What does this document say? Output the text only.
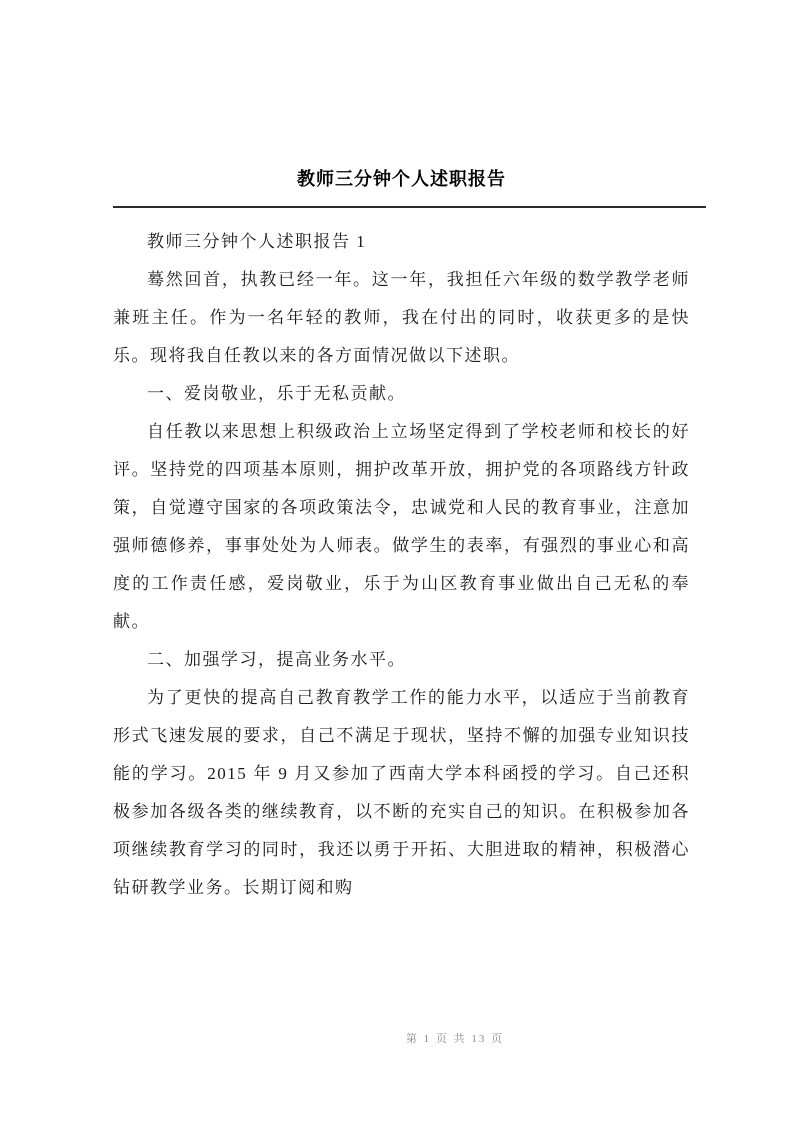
教师三分钟个人述职报告

教师三分钟个人述职报告 1

蓦然回首，执教已经一年。这一年，我担任六年级的数学教学老师兼班主任。作为一名年轻的教师，我在付出的同时，收获更多的是快乐。现将我自任教以来的各方面情况做以下述职。

一、爱岗敬业，乐于无私贡献。

自任教以来思想上积级政治上立场坚定得到了学校老师和校长的好评。坚持党的四项基本原则，拥护改革开放，拥护党的各项路线方针政策，自觉遵守国家的各项政策法令，忠诚党和人民的教育事业，注意加强师德修养，事事处处为人师表。做学生的表率，有强烈的事业心和高度的工作责任感，爱岗敬业，乐于为山区教育事业做出自己无私的奉献。

二、加强学习，提高业务水平。

为了更快的提高自己教育教学工作的能力水平，以适应于当前教育形式飞速发展的要求，自己不满足于现状，坚持不懈的加强专业知识技能的学习。2015 年 9 月又参加了西南大学本科函授的学习。自己还积极参加各级各类的继续教育，以不断的充实自己的知识。在积极参加各项继续教育学习的同时，我还以勇于开拓、大胆进取的精神，积极潜心钻研教学业务。长期订阅和购

第 1 页 共 13 页
